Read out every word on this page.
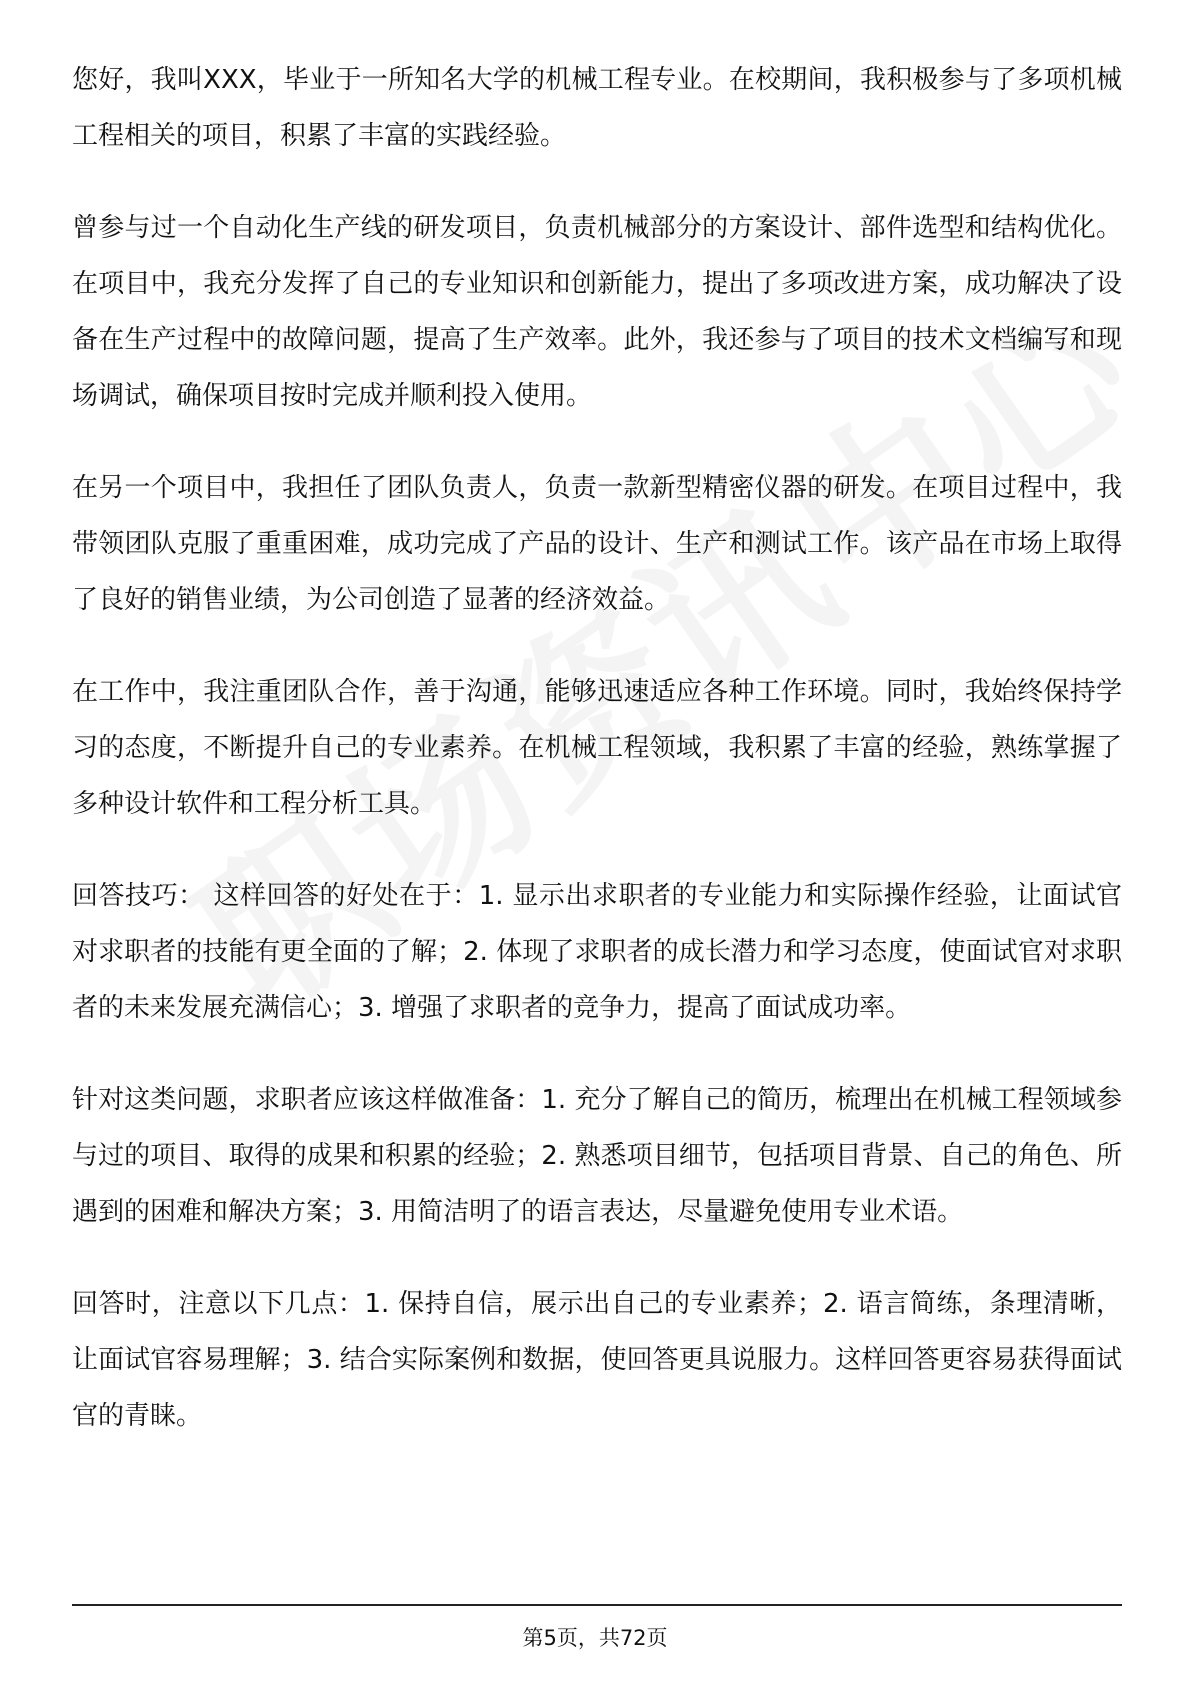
您好，我叫XXX，毕业于一所知名大学的机械工程专业。在校期间，我积极参与了多项机械工程相关的项目，积累了丰富的实践经验。

曾参与过一个自动化生产线的研发项目，负责机械部分的方案设计、部件选型和结构优化。在项目中，我充分发挥了自己的专业知识和创新能力，提出了多项改进方案，成功解决了设备在生产过程中的故障问题，提高了生产效率。此外，我还参与了项目的技术文档编写和现场调试，确保项目按时完成并顺利投入使用。

在另一个项目中，我担任了团队负责人，负责一款新型精密仪器的研发。在项目过程中，我带领团队克服了重重困难，成功完成了产品的设计、生产和测试工作。该产品在市场上取得了良好的销售业绩，为公司创造了显著的经济效益。

在工作中，我注重团队合作，善于沟通，能够迅速适应各种工作环境。同时，我始终保持学习的态度，不断提升自己的专业素养。在机械工程领域，我积累了丰富的经验，熟练掌握了多种设计软件和工程分析工具。

回答技巧： 这样回答的好处在于：1. 显示出求职者的专业能力和实际操作经验，让面试官对求职者的技能有更全面的了解；2. 体现了求职者的成长潜力和学习态度，使面试官对求职者的未来发展充满信心；3. 增强了求职者的竞争力，提高了面试成功率。

针对这类问题，求职者应该这样做准备：1. 充分了解自己的简历，梳理出在机械工程领域参与过的项目、取得的成果和积累的经验；2. 熟悉项目细节，包括项目背景、自己的角色、所遇到的困难和解决方案；3. 用简洁明了的语言表达，尽量避免使用专业术语。

回答时，注意以下几点：1. 保持自信，展示出自己的专业素养；2. 语言简练，条理清晰，让面试官容易理解；3. 结合实际案例和数据，使回答更具说服力。这样回答更容易获得面试官的青睐。

第5页，共72页
